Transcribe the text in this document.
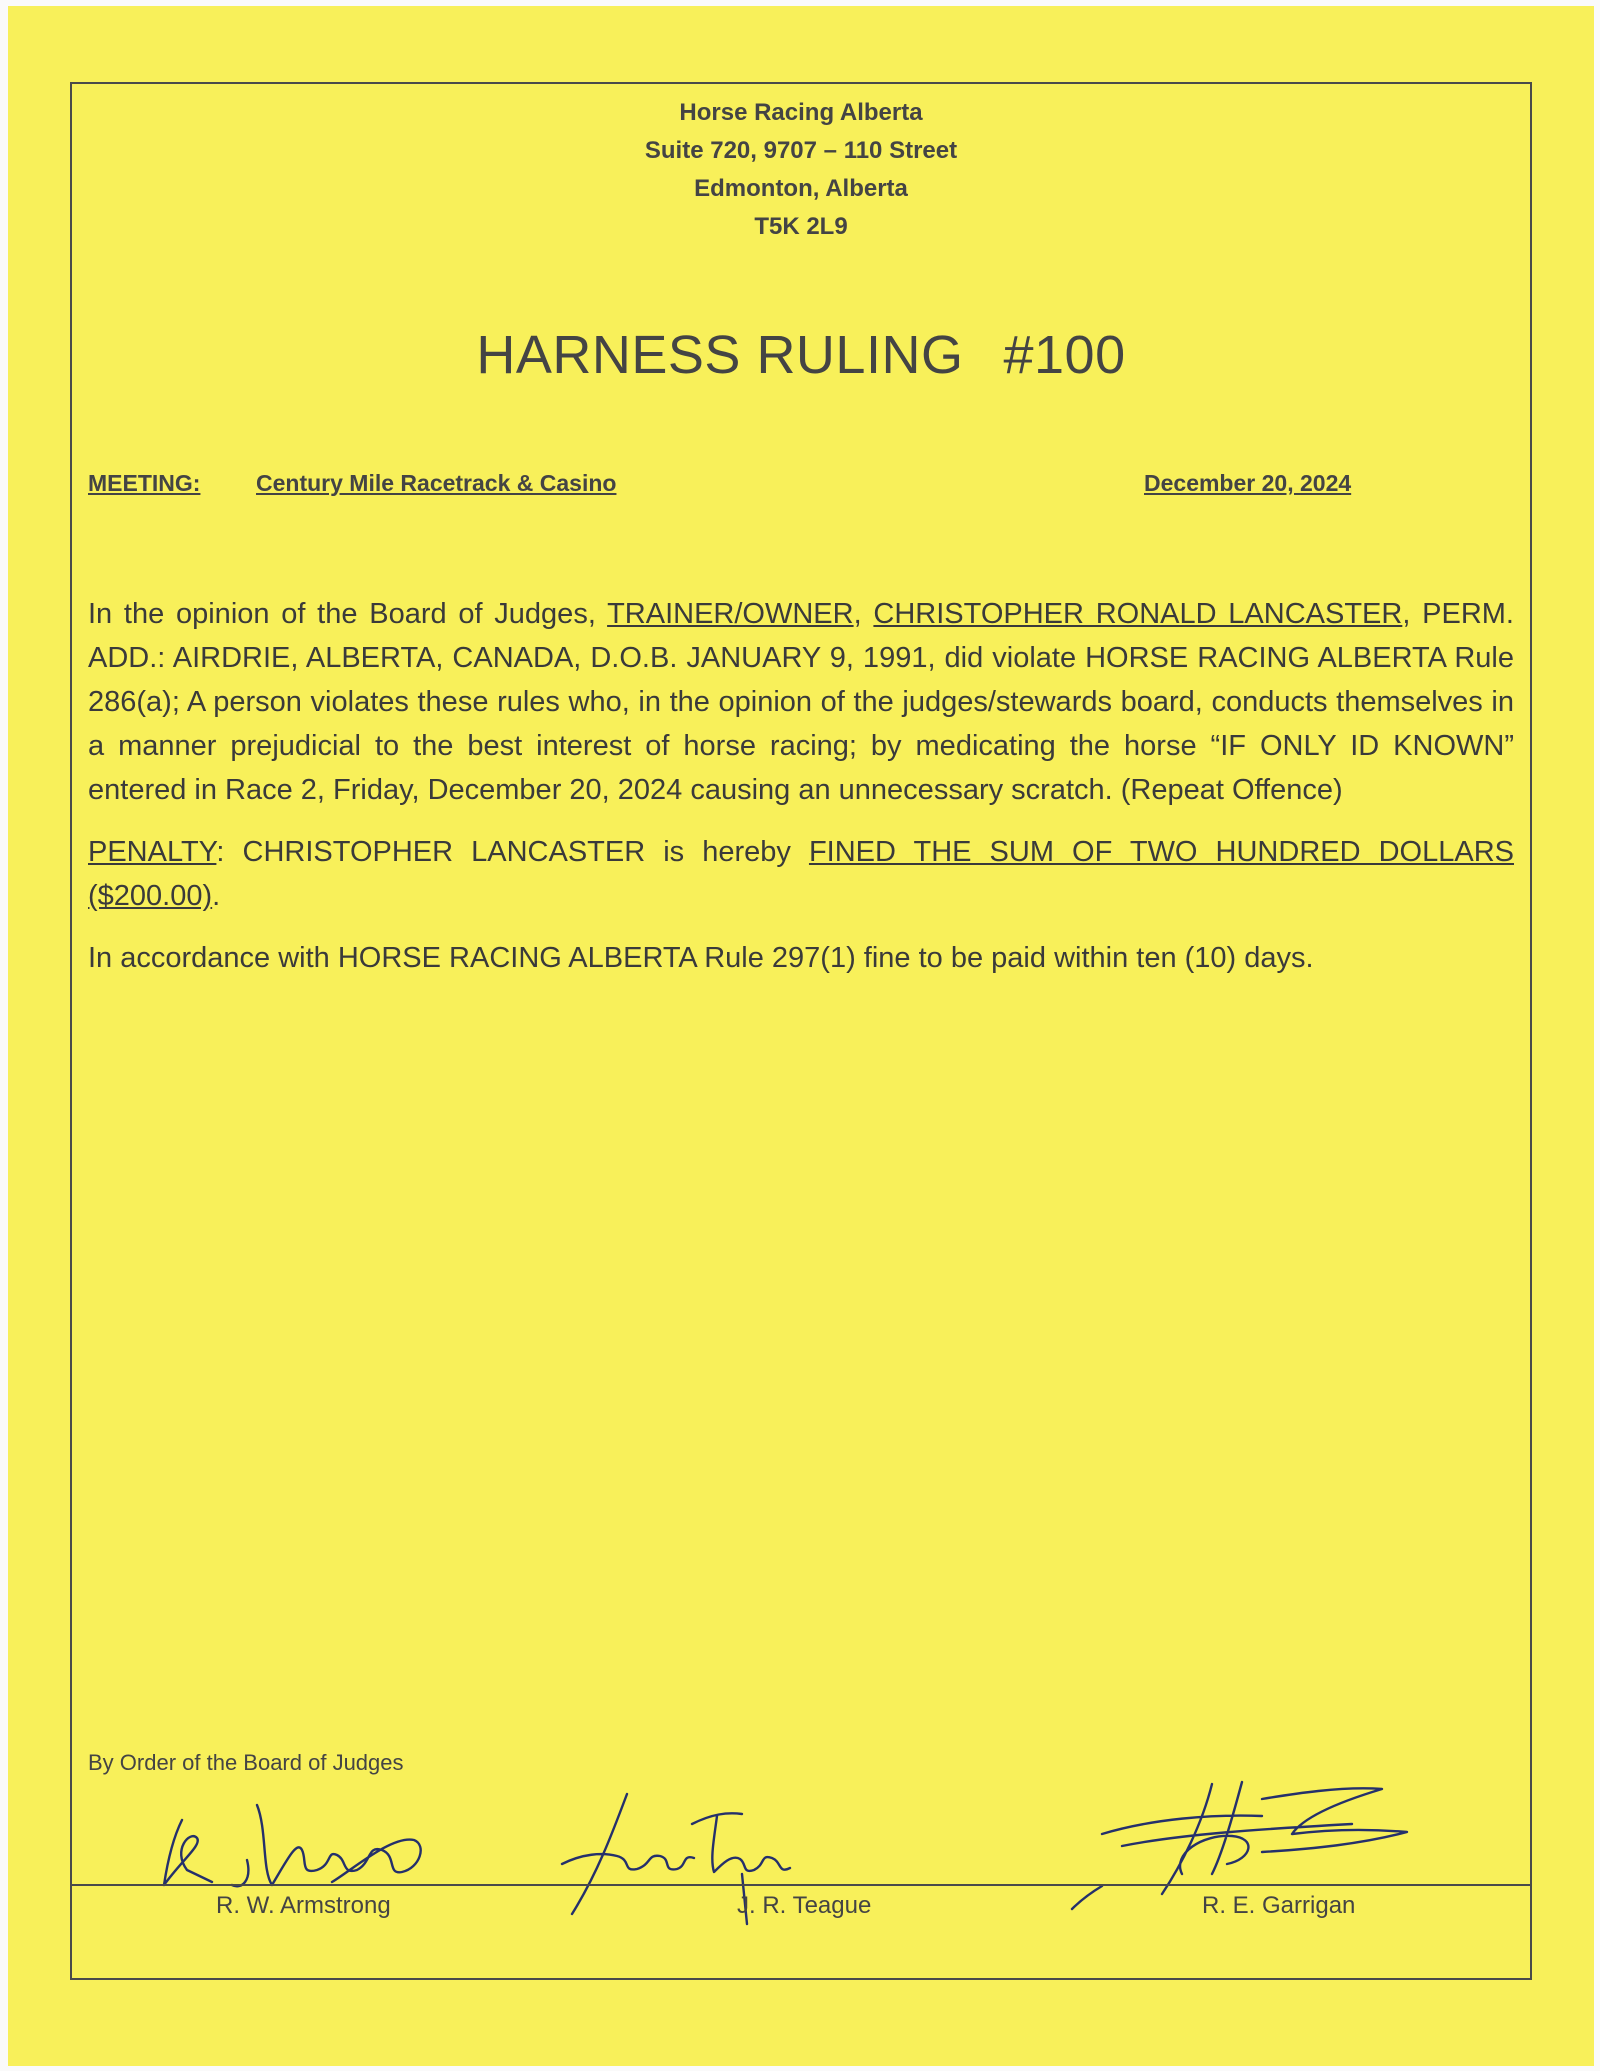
Horse Racing Alberta
Suite 720, 9707 – 110 Street
Edmonton, Alberta
T5K 2L9
HARNESS RULING #100
MEETING: Century Mile Racetrack & Casino	December 20, 2024

In the opinion of the Board of Judges, TRAINER/OWNER, CHRISTOPHER RONALD LANCASTER, PERM. ADD.: AIRDRIE, ALBERTA, CANADA, D.O.B. JANUARY 9, 1991, did violate HORSE RACING ALBERTA Rule 286(a); A person violates these rules who, in the opinion of the judges/stewards board, conducts themselves in a manner prejudicial to the best interest of horse racing; by medicating the horse “IF ONLY ID KNOWN” entered in Race 2, Friday, December 20, 2024 causing an unnecessary scratch. (Repeat Offence)

PENALTY: CHRISTOPHER LANCASTER is hereby FINED THE SUM OF TWO HUNDRED DOLLARS ($200.00).

In accordance with HORSE RACING ALBERTA Rule 297(1) fine to be paid within ten (10) days.

By Order of the Board of Judges
R. W. Armstrong	J. R. Teague	R. E. Garrigan
